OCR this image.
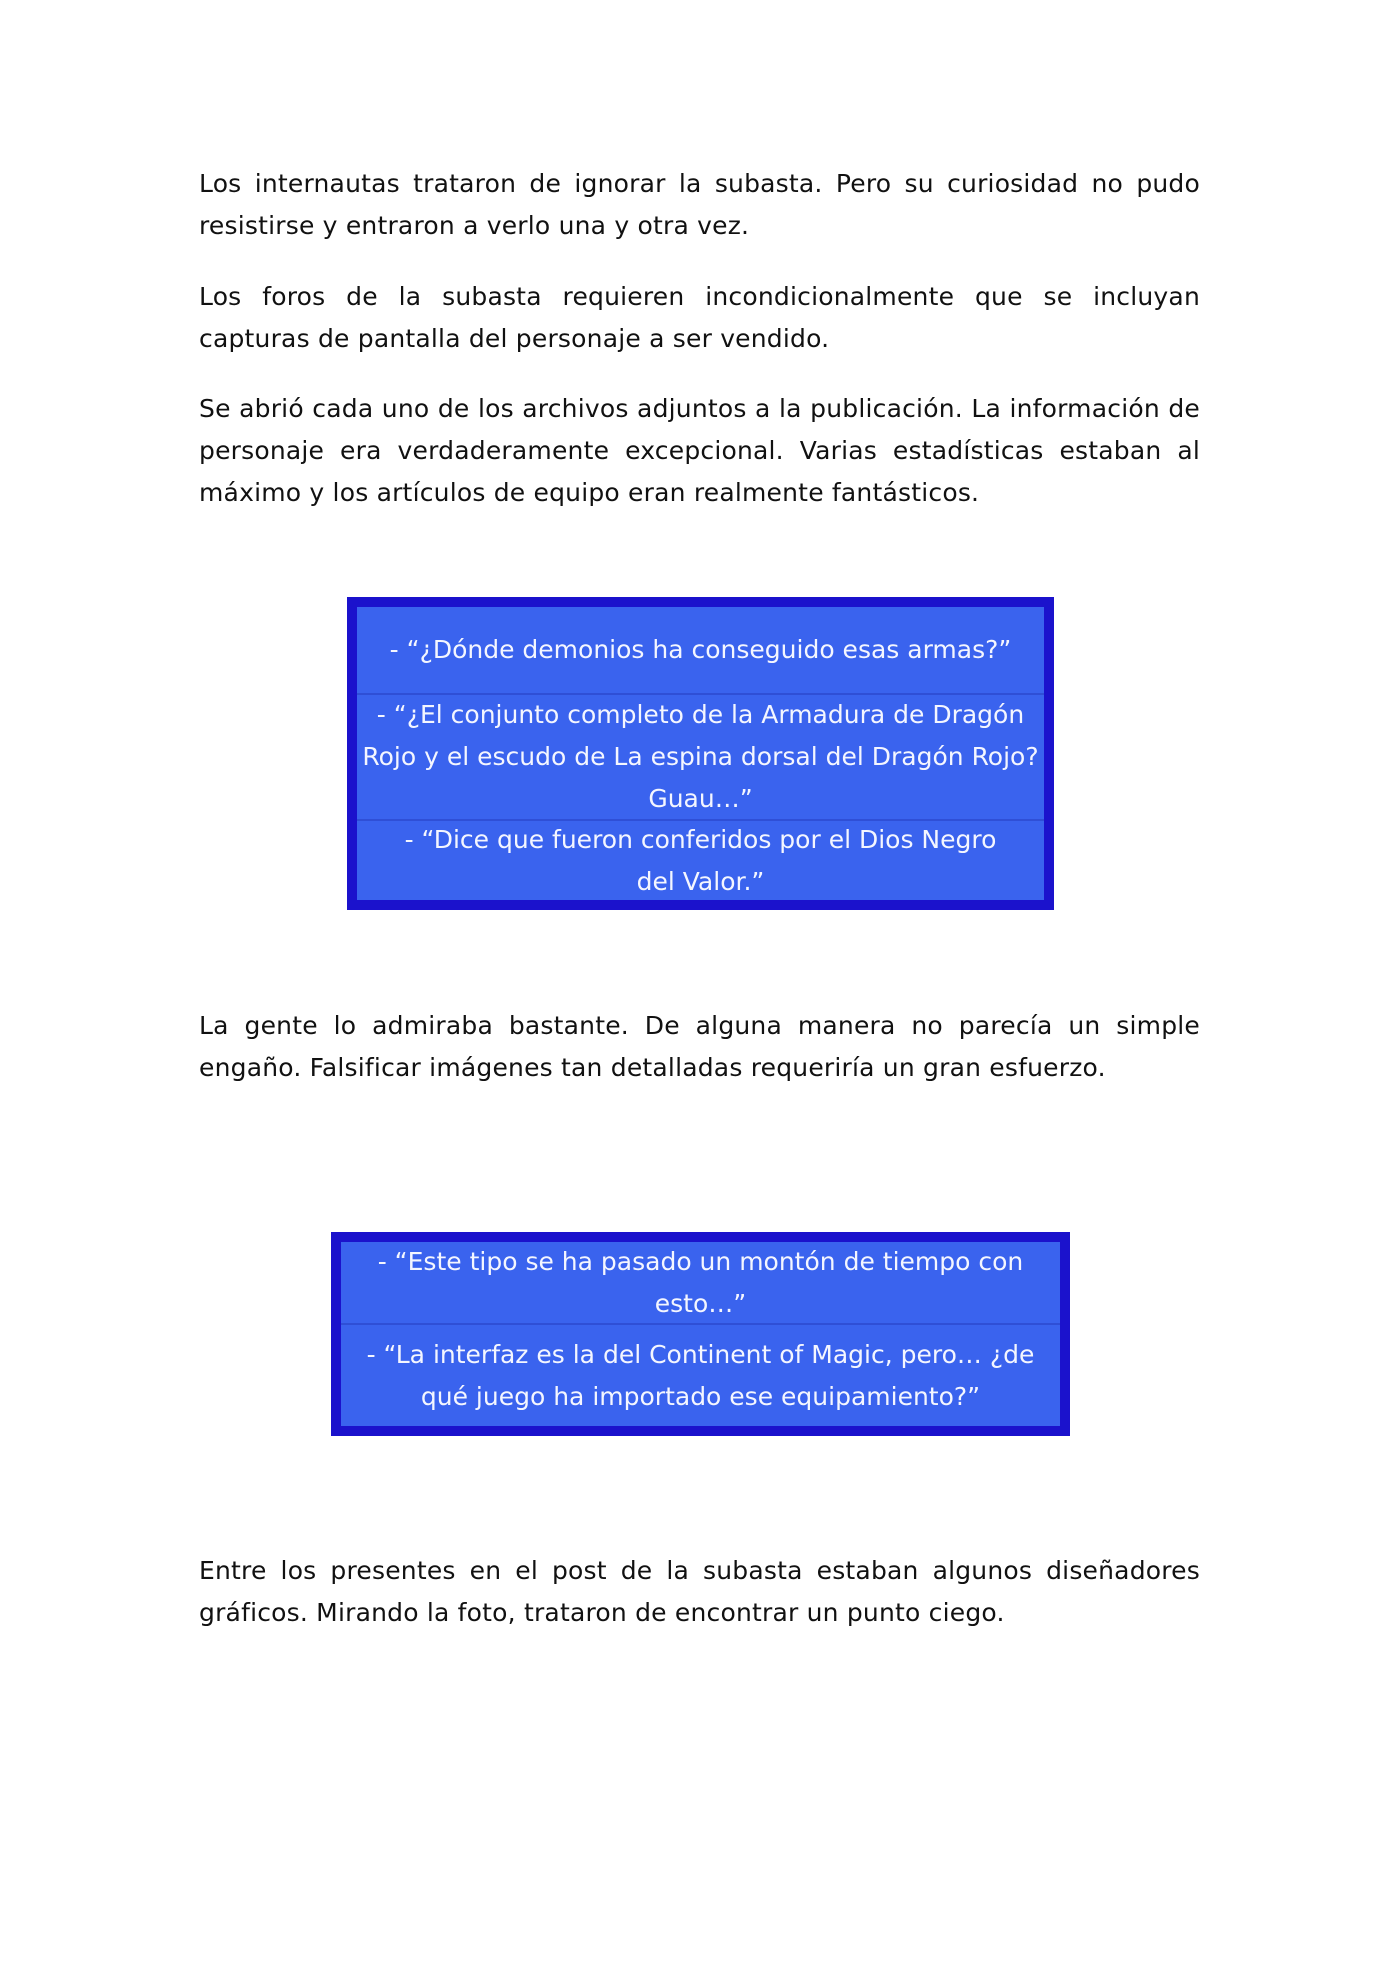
Los internautas trataron de ignorar la subasta. Pero su curiosidad no pudo resistirse y entraron a verlo una y otra vez.

Los foros de la subasta requieren incondicionalmente que se incluyan capturas de pantalla del personaje a ser vendido.

Se abrió cada uno de los archivos adjuntos a la publicación. La información de personaje era verdaderamente excepcional. Varias estadísticas estaban al máximo y los artículos de equipo eran realmente fantásticos.

- “¿Dónde demonios ha conseguido esas armas?”
- “¿El conjunto completo de la Armadura de Dragón Rojo y el escudo de La espina dorsal del Dragón Rojo? Guau…”
- “Dice que fueron conferidos por el Dios Negro del Valor.”

La gente lo admiraba bastante. De alguna manera no parecía un simple engaño. Falsificar imágenes tan detalladas requeriría un gran esfuerzo.

- “Este tipo se ha pasado un montón de tiempo con esto…”
- “La interfaz es la del Continent of Magic, pero… ¿de qué juego ha importado ese equipamiento?”

Entre los presentes en el post de la subasta estaban algunos diseñadores gráficos. Mirando la foto, trataron de encontrar un punto ciego.
